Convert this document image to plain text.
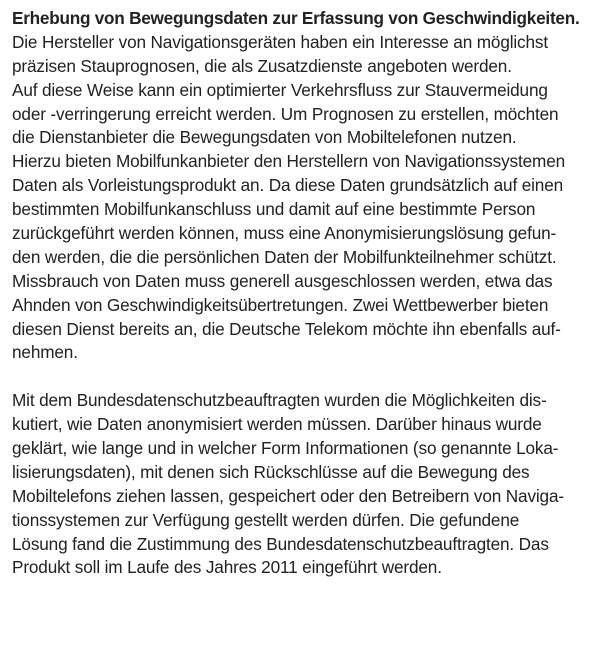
Erhebung von Bewegungsdaten zur Erfassung von Geschwindigkeiten.
Die Hersteller von Navigationsgeräten haben ein Interesse an möglichst
präzisen Stauprognosen, die als Zusatzdienste angeboten werden.
Auf diese Weise kann ein optimierter Verkehrsfluss zur Stauvermeidung
oder -verringerung erreicht werden. Um Prognosen zu erstellen, möchten
die Dienstanbieter die Bewegungsdaten von Mobiltelefonen nutzen.
Hierzu bieten Mobilfunkanbieter den Herstellern von Navigationssystemen
Daten als Vorleistungsprodukt an. Da diese Daten grundsätzlich auf einen
bestimmten Mobilfunkanschluss und damit auf eine bestimmte Person
zurückgeführt werden können, muss eine Anonymisierungslösung gefun-
den werden, die die persönlichen Daten der Mobilfunkteilnehmer schützt.
Missbrauch von Daten muss generell ausgeschlossen werden, etwa das
Ahnden von Geschwindigkeitsübertretungen. Zwei Wettbewerber bieten
diesen Dienst bereits an, die Deutsche Telekom möchte ihn ebenfalls auf-
nehmen.
Mit dem Bundesdatenschutzbeauftragten wurden die Möglichkeiten dis-
kutiert, wie Daten anonymisiert werden müssen. Darüber hinaus wurde
geklärt, wie lange und in welcher Form Informationen (so genannte Loka-
lisierungsdaten), mit denen sich Rückschlüsse auf die Bewegung des
Mobiltelefons ziehen lassen, gespeichert oder den Betreibern von Naviga-
tionssystemen zur Verfügung gestellt werden dürfen. Die gefundene
Lösung fand die Zustimmung des Bundesdatenschutzbeauftragten. Das
Produkt soll im Laufe des Jahres 2011 eingeführt werden.
